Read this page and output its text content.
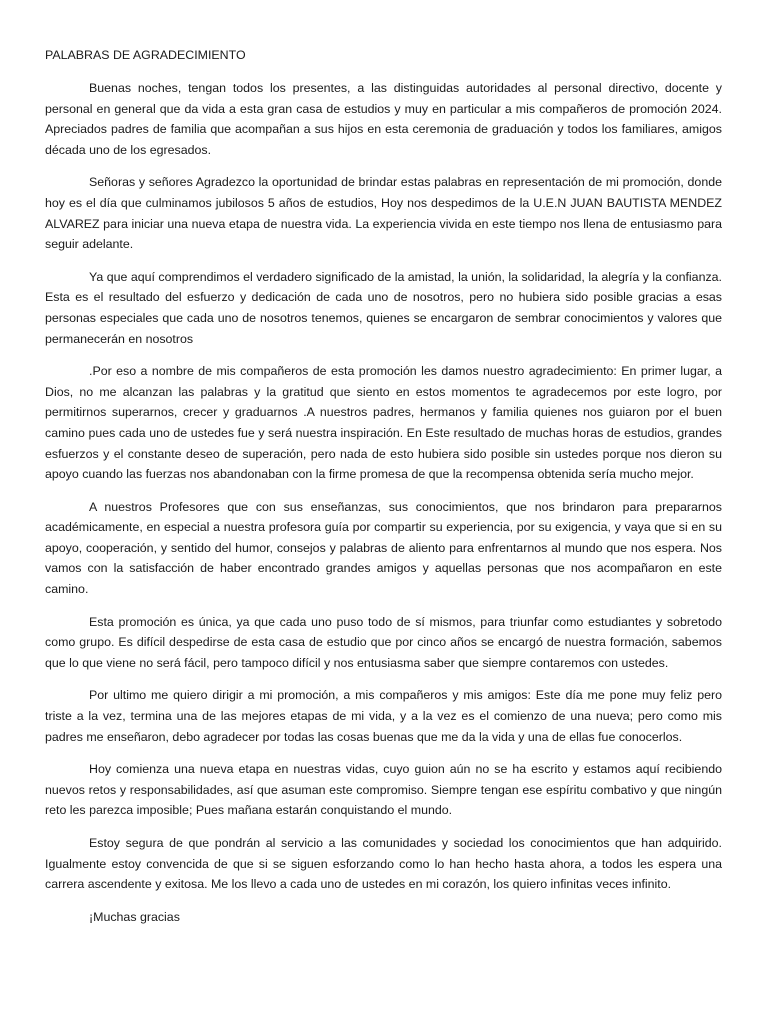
PALABRAS DE AGRADECIMIENTO

Buenas noches, tengan todos los presentes, a las distinguidas autoridades al personal directivo, docente y personal en general que da vida a esta gran casa de estudios y muy en particular a mis compañeros de promoción 2024. Apreciados padres de familia que acompañan a sus hijos en esta ceremonia de graduación y todos los familiares, amigos década uno de los egresados.

Señoras y señores Agradezco la oportunidad de brindar estas palabras en representación de mi promoción, donde hoy es el día que culminamos jubilosos 5 años de estudios, Hoy nos despedimos de la U.E.N JUAN BAUTISTA MENDEZ ALVAREZ para iniciar una nueva etapa de nuestra vida. La experiencia vivida en este tiempo nos llena de entusiasmo para seguir adelante.

Ya que aquí comprendimos el verdadero significado de la amistad, la unión, la solidaridad, la alegría y la confianza. Esta es el resultado del esfuerzo y dedicación de cada uno de nosotros, pero no hubiera sido posible gracias a esas personas especiales que cada uno de nosotros tenemos, quienes se encargaron de sembrar conocimientos y valores que permanecerán en nosotros

.Por eso a nombre de mis compañeros de esta promoción les damos nuestro agradecimiento: En primer lugar, a Dios, no me alcanzan las palabras y la gratitud que siento en estos momentos te agradecemos por este logro, por permitirnos superarnos, crecer y graduarnos .A nuestros padres, hermanos y familia quienes nos guiaron por el buen camino pues cada uno de ustedes fue y será nuestra inspiración. En Este resultado de muchas horas de estudios, grandes esfuerzos y el constante deseo de superación, pero nada de esto hubiera sido posible sin ustedes porque nos dieron su apoyo cuando las fuerzas nos abandonaban con la firme promesa de que la recompensa obtenida sería mucho mejor.

A nuestros Profesores que con sus enseñanzas, sus conocimientos, que nos brindaron para prepararnos académicamente, en especial a nuestra profesora guía por compartir su experiencia, por su exigencia, y vaya que si en su apoyo, cooperación, y sentido del humor, consejos y palabras de aliento para enfrentarnos al mundo que nos espera. Nos vamos con la satisfacción de haber encontrado grandes amigos y aquellas personas que nos acompañaron en este camino.

Esta promoción es única, ya que cada uno puso todo de sí mismos, para triunfar como estudiantes y sobretodo como grupo. Es difícil despedirse de esta casa de estudio que por cinco años se encargó de nuestra formación, sabemos que lo que viene no será fácil, pero tampoco difícil y nos entusiasma saber que siempre contaremos con ustedes.

Por ultimo me quiero dirigir a mi promoción, a mis compañeros y mis amigos: Este día me pone muy feliz pero triste a la vez, termina una de las mejores etapas de mi vida, y a la vez es el comienzo de una nueva; pero como mis padres me enseñaron, debo agradecer por todas las cosas buenas que me da la vida y una de ellas fue conocerlos.

Hoy comienza una nueva etapa en nuestras vidas, cuyo guion aún no se ha escrito y estamos aquí recibiendo nuevos retos y responsabilidades, así que asuman este compromiso. Siempre tengan ese espíritu combativo y que ningún reto les parezca imposible; Pues mañana estarán conquistando el mundo.

Estoy segura de que pondrán al servicio a las comunidades y sociedad los conocimientos que han adquirido. Igualmente estoy convencida de que si se siguen esforzando como lo han hecho hasta ahora, a todos les espera una carrera ascendente y exitosa. Me los llevo a cada uno de ustedes en mi corazón, los quiero infinitas veces infinito.

¡Muchas gracias
